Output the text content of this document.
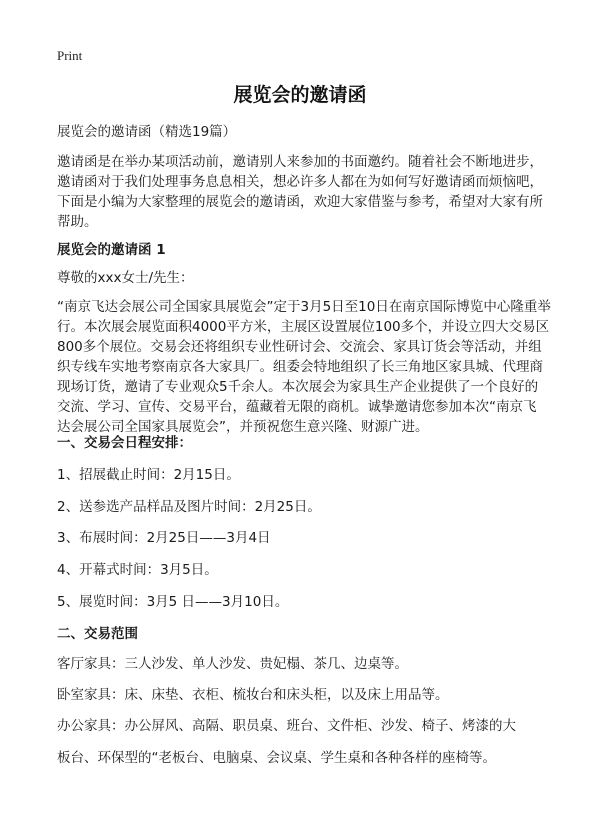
Print
展览会的邀请函
展览会的邀请函（精选19篇）
邀请函是在举办某项活动前，邀请别人来参加的书面邀约。随着社会不断地进步，
邀请函对于我们处理事务息息相关，想必许多人都在为如何写好邀请函而烦恼吧，
下面是小编为大家整理的展览会的邀请函，欢迎大家借鉴与参考，希望对大家有所
帮助。
展览会的邀请函 1
尊敬的xxx女士/先生：
“南京飞达会展公司全国家具展览会”定于3月5日至10日在南京国际博览中心隆重举
行。本次展会展览面积4000平方米，主展区设置展位100多个，并设立四大交易区
800多个展位。交易会还将组织专业性研讨会、交流会、家具订货会等活动，并组
织专线车实地考察南京各大家具厂。组委会特地组织了长三角地区家具城、代理商
现场订货，邀请了专业观众5千余人。本次展会为家具生产企业提供了一个良好的
交流、学习、宣传、交易平台，蕴藏着无限的商机。诚挚邀请您参加本次“南京飞
达会展公司全国家具展览会”，并预祝您生意兴隆、财源广进。
一、交易会日程安排：
1、招展截止时间：2月15日。
2、送参选产品样品及图片时间：2月25日。
3、布展时间：2月25日——3月4日
4、开幕式时间：3月5日。
5、展览时间：3月5 日——3月10日。
二、交易范围
客厅家具：三人沙发、单人沙发、贵妃榻、茶几、边桌等。
卧室家具：床、床垫、衣柜、梳妆台和床头柜，以及床上用品等。
办公家具：办公屏风、高隔、职员桌、班台、文件柜、沙发、椅子、烤漆的大
板台、环保型的“老板台、电脑桌、会议桌、学生桌和各种各样的座椅等。
